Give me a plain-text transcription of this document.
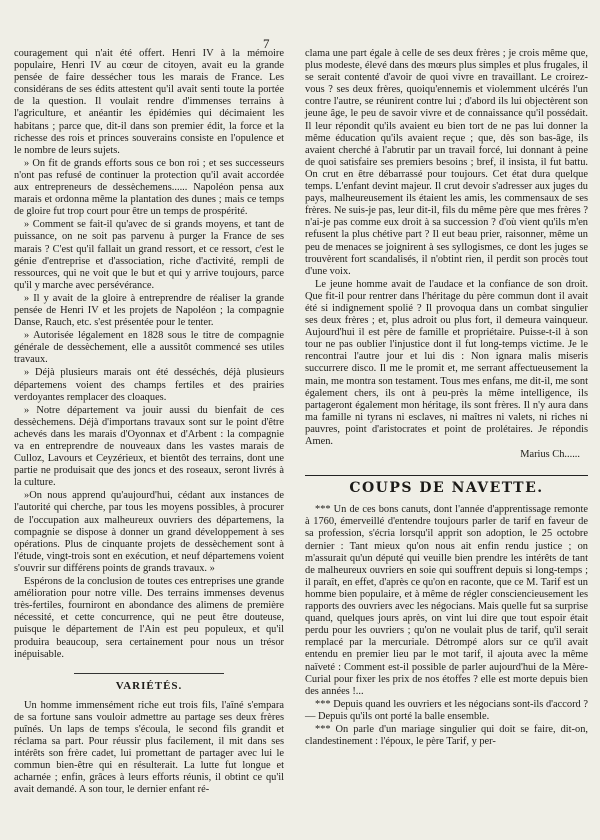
7

couragement qui n'ait été offert. Henri IV à la mémoire populaire, Henri IV au cœur de citoyen, avait eu la grande pensée de faire dessécher tous les marais de France. Les considérans de ses édits attestent qu'il avait senti toute la portée de la question. Il voulait rendre d'immenses terrains à l'agriculture, et anéantir les épidémies qui décimaient les habitans ; parce que, dit-il dans son premier édit, la force et la richesse des rois et princes souverains consiste en l'opulence et le nombre de leurs sujets.

» On fit de grands efforts sous ce bon roi ; et ses successeurs n'ont pas refusé de continuer la protection qu'il avait accordée aux entrepreneurs de dessèchemens...... Napoléon pensa aux marais et ordonna même la plantation des dunes ; mais ce temps de gloire fut trop court pour être un temps de prospérité.

» Comment se fait-il qu'avec de si grands moyens, et tant de puissance, on ne soit pas parvenu à purger la France de ses marais ? C'est qu'il fallait un grand ressort, et ce ressort, c'est le génie d'entreprise et d'association, riche d'activité, rempli de ressources, qui ne voit que le but et qui y arrive toujours, parce qu'il y marche avec persévérance.

» Il y avait de la gloire à entreprendre de réaliser la grande pensée de Henri IV et les projets de Napoléon ; la compagnie Danse, Rauch, etc. s'est présentée pour le tenter.

» Autorisée légalement en 1828 sous le titre de compagnie générale de dessèchement, elle a aussitôt commencé ses utiles travaux.

» Déjà plusieurs marais ont été desséchés, déjà plusieurs départemens voient des champs fertiles et des prairies verdoyantes remplacer des cloaques.

» Notre département va jouir aussi du bienfait de ces dessèchemens. Déjà d'importans travaux sont sur le point d'être achevés dans les marais d'Oyonnax et d'Arbent : la compagnie va en entreprendre de nouveaux dans les vastes marais de Culloz, Lavours et Ceyzérieux, et bientôt des terrains, dont une partie ne produisait que des joncs et des roseaux, seront livrés à la culture.

»On nous apprend qu'aujourd'hui, cédant aux instances de l'autorité qui cherche, par tous les moyens possibles, à procurer de l'occupation aux malheureux ouvriers des départemens, la compagnie se dispose à donner un grand développement à ses opérations. Plus de cinquante projets de dessèchement sont à l'étude, vingt-trois sont en exécution, et neuf départemens voient s'ouvrir sur différens points de grands travaux. »

Espérons de la conclusion de toutes ces entreprises une grande amélioration pour notre ville. Des terrains immenses devenus très-fertiles, fourniront en abondance des alimens de première nécessité, et cette concurrence, qui ne peut être douteuse, puisque le département de l'Ain est peu populeux, et qu'il produira beaucoup, sera certainement pour nous un trésor inépuisable.

VARIÉTÉS.

Un homme immensément riche eut trois fils, l'aîné s'empara de sa fortune sans vouloir admettre au partage ses deux frères puînés. Un laps de temps s'écoula, le second fils grandit et réclama sa part. Pour réussir plus facilement, il mit dans ses intérêts son frère cadet, lui promettant de partager avec lui le commun bien-être qui en résulterait. La lutte fut longue et acharnée ; enfin, grâces à leurs efforts réunis, il obtint ce qu'il avait demandé. A son tour, le dernier enfant ré-

clama une part égale à celle de ses deux frères ; je crois même que, plus modeste, élevé dans des mœurs plus simples et plus frugales, il se serait contenté d'avoir de quoi vivre en travaillant. Le croirez-vous ? ses deux frères, quoiqu'ennemis et violemment ulcérés l'un contre l'autre, se réunirent contre lui ; d'abord ils lui objectèrent son jeune âge, le peu de savoir vivre et de connaissance qu'il possédait. Il leur répondit qu'ils avaient eu bien tort de ne pas lui donner la même éducation qu'ils avaient reçue ; que, dès son bas-âge, ils avaient cherché à l'abrutir par un travail forcé, lui donnant à peine de quoi satisfaire ses premiers besoins ; bref, il insista, il fut battu. On crut en être débarrassé pour toujours. Cet état dura quelque temps. L'enfant devint majeur. Il crut devoir s'adresser aux juges du pays, malheureusement ils étaient les amis, les commensaux de ses frères. Ne suis-je pas, leur dit-il, fils du même père que mes frères ? n'ai-je pas comme eux droit à sa succession ? d'où vient qu'ils m'en refusent la plus chétive part ? Il eut beau prier, raisonner, même un peu de menaces se joignirent à ses syllogismes, ce dont les juges se trouvèrent fort scandalisés, il n'obtint rien, il perdit son procès tout d'une voix.

Le jeune homme avait de l'audace et la confiance de son droit. Que fit-il pour rentrer dans l'héritage du père commun dont il avait été si indignement spolié ? Il provoqua dans un combat singulier ses deux frères ; et, plus adroit ou plus fort, il demeura vainqueur. Aujourd'hui il est père de famille et propriétaire. Puisse-t-il à son tour ne pas oublier l'injustice dont il fut long-temps victime. Je le rencontrai l'autre jour et lui dis : Non ignara malis miseris succurrere disco. Il me le promit et, me serrant affectueusement la main, me montra son testament. Tous mes enfans, me dit-il, me sont également chers, ils ont à peu-près la même intelligence, ils partageront également mon héritage, ils sont frères. Il n'y aura dans ma famille ni tyrans ni esclaves, ni maîtres ni valets, ni riches ni pauvres, point d'aristocrates et point de prolétaires. Je répondis Amen.

Marius Ch......
COUPS DE NAVETTE.

*** Un de ces bons canuts, dont l'année d'apprentissage remonte à 1760, émerveillé d'entendre toujours parler de tarif en faveur de sa profession, s'écria lorsqu'il apprit son adoption, le 25 octobre dernier : Tant mieux qu'on nous ait enfin rendu justice ; on m'assurait qu'un député qui veuille bien prendre les intérêts de tant de malheureux ouvriers en soie qui souffrent depuis si long-temps ; il paraît, en effet, d'après ce qu'on en raconte, que ce M. Tarif est un homme bien populaire, et à même de régler consciencieusement les rapports des ouvriers avec les négocians. Mais quelle fut sa surprise quand, quelques jours après, on vint lui dire que tout espoir était perdu pour les ouvriers ; qu'on ne voulait plus de tarif, qu'il serait remplacé par la mercuriale. Détrompé alors sur ce qu'il avait entendu en premier lieu par le mot tarif, il ajouta avec la même naïveté : Comment est-il possible de parler aujourd'hui de la Mère-Curial pour fixer les prix de nos étoffes ? elle est morte depuis bien des années !...

*** Depuis quand les ouvriers et les négocians sont-ils d'accord ? — Depuis qu'ils ont porté la balle ensemble.

*** On parle d'un mariage singulier qui doit se faire, dit-on, clandestinement : l'époux, le père Tarif, y per-
